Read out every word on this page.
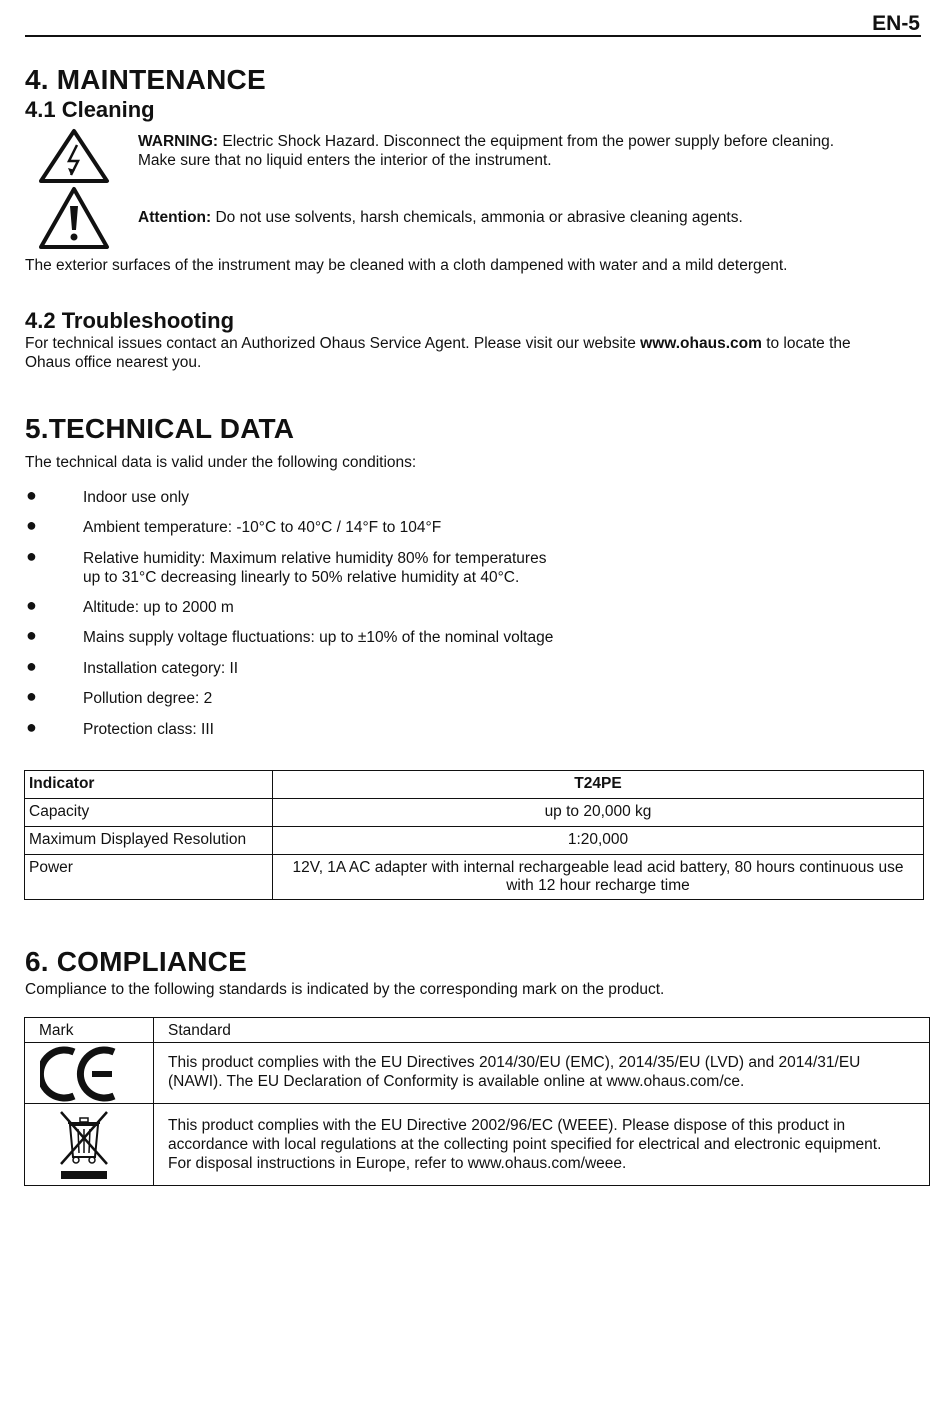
EN-5
4. MAINTENANCE
4.1 Cleaning
WARNING: Electric Shock Hazard. Disconnect the equipment from the power supply before cleaning.
Make sure that no liquid enters the interior of the instrument.
Attention: Do not use solvents, harsh chemicals, ammonia or abrasive cleaning agents.
The exterior surfaces of the instrument may be cleaned with a cloth dampened with water and a mild detergent.
4.2 Troubleshooting
For technical issues contact an Authorized Ohaus Service Agent. Please visit our website www.ohaus.com to locate the
Ohaus office nearest you.
5.TECHNICAL DATA
The technical data is valid under the following conditions:
●	Indoor use only
●	Ambient temperature: -10°C to 40°C / 14°F to 104°F
●	Relative humidity: Maximum relative humidity 80% for temperatures
up to 31°C decreasing linearly to 50% relative humidity at 40°C.
●	Altitude: up to 2000 m
●	Mains supply voltage fluctuations: up to ±10% of the nominal voltage
●	Installation category: II
●	Pollution degree: 2
●	Protection class: III
Indicator	T24PE
Capacity	up to 20,000 kg
Maximum Displayed Resolution	1:20,000
Power	12V, 1A AC adapter with internal rechargeable lead acid battery, 80 hours continuous use
with 12 hour recharge time
6. COMPLIANCE
Compliance to the following standards is indicated by the corresponding mark on the product.
Mark	Standard

This product complies with the EU Directives 2014/30/EU (EMC), 2014/35/EU (LVD) and 2014/31/EU
(NAWI). The EU Declaration of Conformity is available online at www.ohaus.com/ce.

This product complies with the EU Directive 2002/96/EC (WEEE). Please dispose of this product in
accordance with local regulations at the collecting point specified for electrical and electronic equipment.
For disposal instructions in Europe, refer to www.ohaus.com/weee.
